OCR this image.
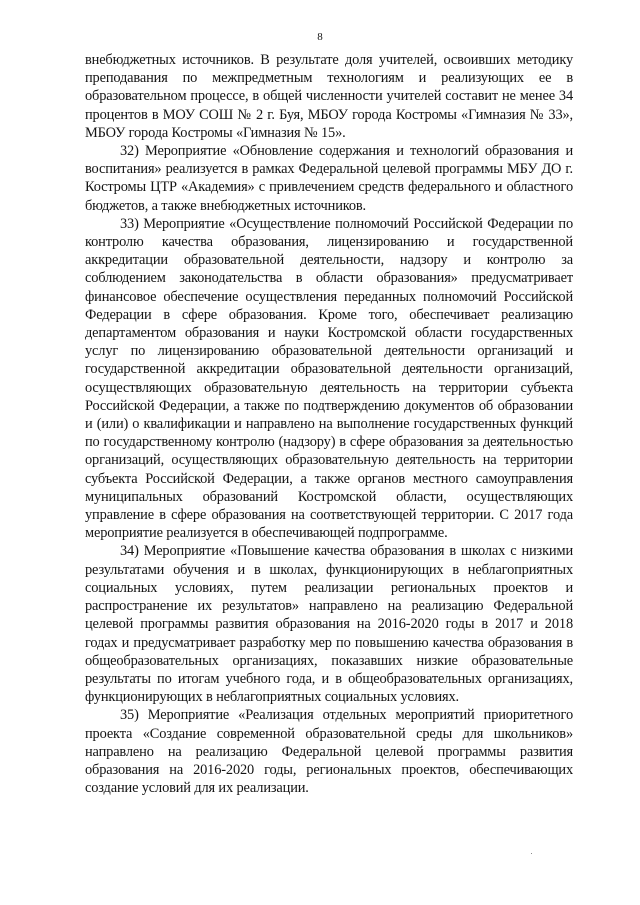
8

внебюджетных источников. В результате доля учителей, освоивших методику преподавания по межпредметным технологиям и реализующих ее в образовательном процессе, в общей численности учителей составит не менее 34 процентов в МОУ СОШ № 2 г. Буя, МБОУ города Костромы «Гимназия № 33», МБОУ города Костромы «Гимназия № 15».

32) Мероприятие «Обновление содержания и технологий образования и воспитания» реализуется в рамках Федеральной целевой программы МБУ ДО г. Костромы ЦТР «Академия» с привлечением средств федерального и областного бюджетов, а также внебюджетных источников.

33) Мероприятие «Осуществление полномочий Российской Федерации по контролю качества образования, лицензированию и государственной аккредитации образовательной деятельности, надзору и контролю за соблюдением законодательства в области образования» предусматривает финансовое обеспечение осуществления переданных полномочий Российской Федерации в сфере образования. Кроме того, обеспечивает реализацию департаментом образования и науки Костромской области государственных услуг по лицензированию образовательной деятельности организаций и государственной аккредитации образовательной деятельности организаций, осуществляющих образовательную деятельность на территории субъекта Российской Федерации, а также по подтверждению документов об образовании и (или) о квалификации и направлено на выполнение государственных функций по государственному контролю (надзору) в сфере образования за деятельностью организаций, осуществляющих образовательную деятельность на территории субъекта Российской Федерации, а также органов местного самоуправления муниципальных образований Костромской области, осуществляющих управление в сфере образования на соответствующей территории. С 2017 года мероприятие реализуется в обеспечивающей подпрограмме.

34) Мероприятие «Повышение качества образования в школах с низкими результатами обучения и в школах, функционирующих в неблагоприятных социальных условиях, путем реализации региональных проектов и распространение их результатов» направлено на реализацию Федеральной целевой программы развития образования на 2016-2020 годы в 2017 и 2018 годах и предусматривает разработку мер по повышению качества образования в общеобразовательных организациях, показавших низкие образовательные результаты по итогам учебного года, и в общеобразовательных организациях, функционирующих в неблагоприятных социальных условиях.

35) Мероприятие «Реализация отдельных мероприятий приоритетного проекта «Создание современной образовательной среды для школьников» направлено на реализацию Федеральной целевой программы развития образования на 2016-2020 годы, региональных проектов, обеспечивающих создание условий для их реализации.
